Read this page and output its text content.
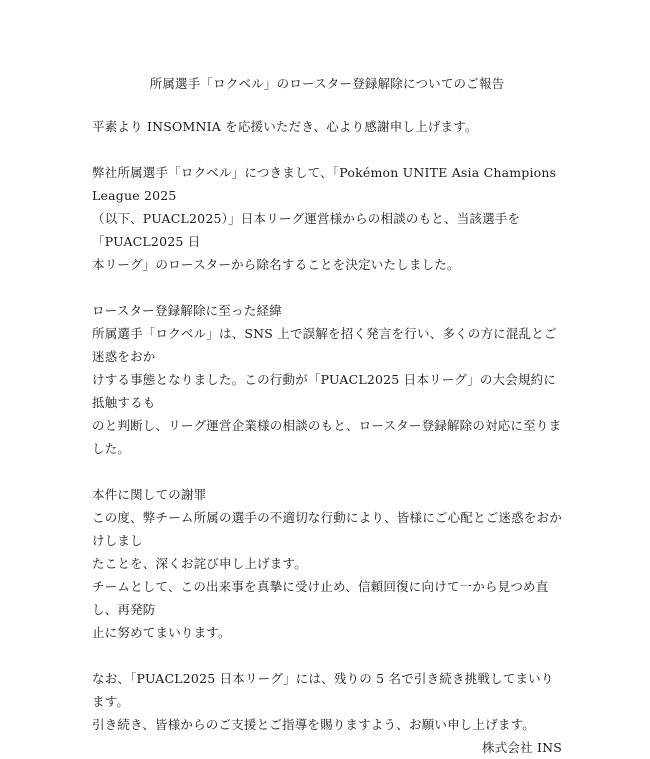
所属選手「ロクベル」のロースター登録解除についてのご報告

平素より INSOMNIA を応援いただき、心より感謝申し上げます。

弊社所属選手「ロクベル」につきまして、「Pokémon UNITE Asia Champions League 2025

（以下、PUACL2025）」日本リーグ運営様からの相談のもと、当該選手を「PUACL2025 日

本リーグ」のロースターから除名することを決定いたしました。

ロースター登録解除に至った経緯

所属選手「ロクベル」は、SNS 上で誤解を招く発言を行い、多くの方に混乱とご迷惑をおか

けする事態となりました。この行動が「PUACL2025 日本リーグ」の大会規約に抵触するも

のと判断し、リーグ運営企業様の相談のもと、ロースター登録解除の対応に至りました。

本件に関しての謝罪

この度、弊チーム所属の選手の不適切な行動により、皆様にご心配とご迷惑をおかけしまし

たことを、深くお詫び申し上げます。

チームとして、この出来事を真摯に受け止め、信頼回復に向けて一から見つめ直し、再発防

止に努めてまいります。

なお、「PUACL2025 日本リーグ」には、残りの 5 名で引き続き挑戦してまいります。

引き続き、皆様からのご支援とご指導を賜りますよう、お願い申し上げます。

株式会社 INS
